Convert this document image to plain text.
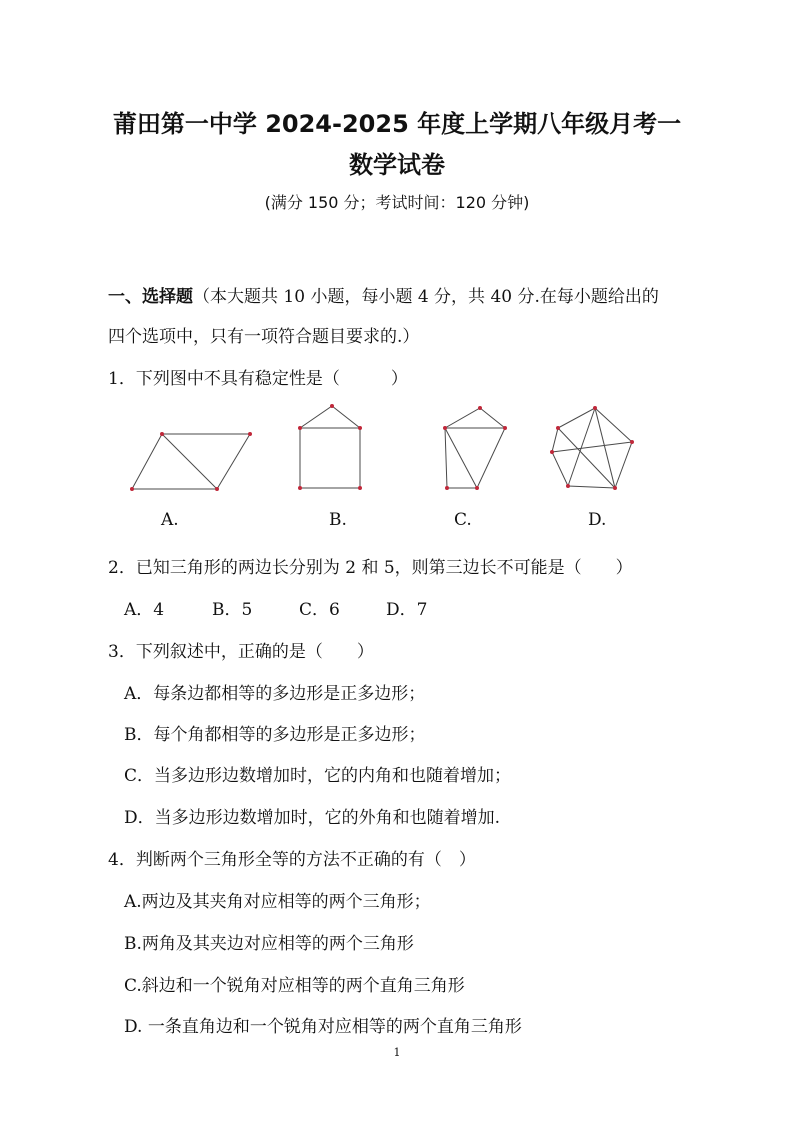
莆田第一中学 2024-2025 年度上学期八年级月考一
数学试卷
(满分 150 分；考试时间：120 分钟)
一、选择题（本大题共 10 小题，每小题 4 分，共 40 分.在每小题给出的
四个选项中，只有一项符合题目要求的.）
1．下列图中不具有稳定性是（　　　）
A.	B.	C.	D.
2．已知三角形的两边长分别为 2 和 5，则第三边长不可能是（　　）
A．4	B．5	C．6	D．7
3．下列叙述中，正确的是（　　）
A．每条边都相等的多边形是正多边形；
B．每个角都相等的多边形是正多边形；
C．当多边形边数增加时，它的内角和也随着增加；
D．当多边形边数增加时，它的外角和也随着增加.
4．判断两个三角形全等的方法不正确的有（　）
A.两边及其夹角对应相等的两个三角形；
B.两角及其夹边对应相等的两个三角形
C.斜边和一个锐角对应相等的两个直角三角形
D. 一条直角边和一个锐角对应相等的两个直角三角形
1
